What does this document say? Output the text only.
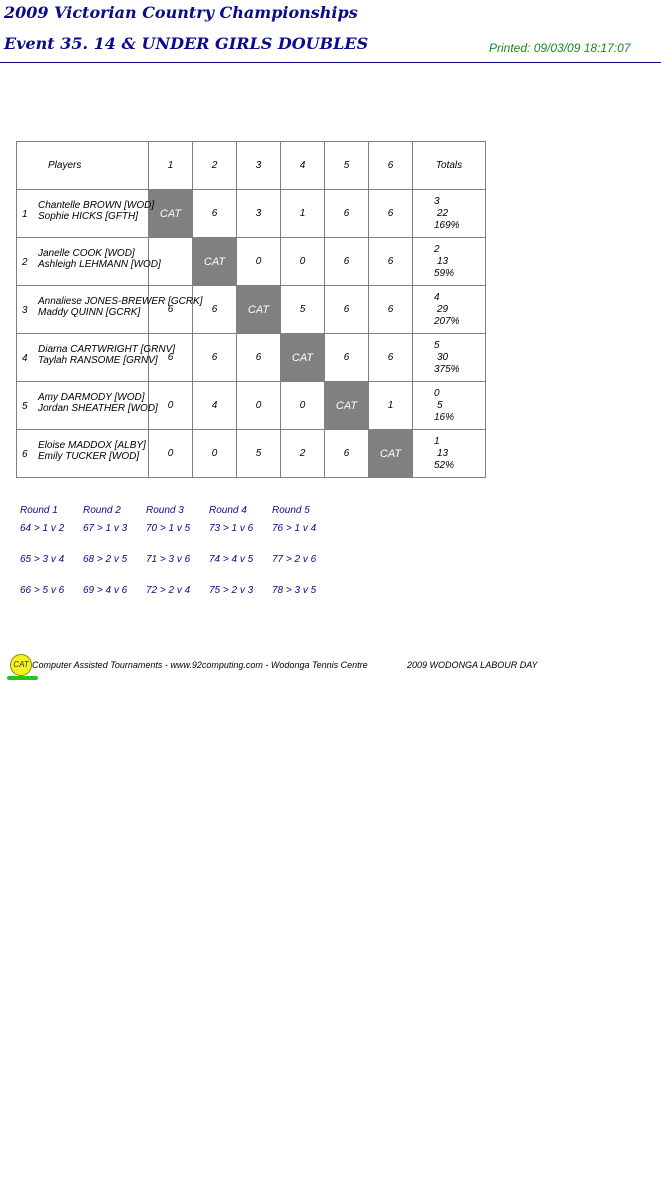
2009 Victorian Country Championships
Event 35. 14 & UNDER GIRLS DOUBLES	Printed: 09/03/09 18:17:07
Players	1	2	3	4	5	6	Totals

1
Chantelle BROWN [WOD]
Sophie HICKS [GFTH]	CAT	6	3	1	6	6	3
22
169%

2
Janelle COOK [WOD]
Ashleigh LEHMANN [WOD]		CAT	0	0	6	6	2
13
59%

3
Annaliese JONES-BREWER [GCRK]
Maddy QUINN [GCRK]	6	6	CAT	5	6	6	4
29
207%

4
Diarna CARTWRIGHT [GRNV]
Taylah RANSOME [GRNV]	6	6	6	CAT	6	6	5
30
375%

5
Amy DARMODY [WOD]
Jordan SHEATHER [WOD]	0	4	0	0	CAT	1	0
5
16%

6
Eloise MADDOX [ALBY]
Emily TUCKER [WOD]	0	0	5	2	6	CAT	1
13
52%
Round 1
64 > 1 v 2
65 > 3 v 4
66 > 5 v 6
Round 2
67 > 1 v 3
68 > 2 v 5
69 > 4 v 6
Round 3
70 > 1 v 5
71 > 3 v 6
72 > 2 v 4
Round 4
73 > 1 v 6
74 > 4 v 5
75 > 2 v 3
Round 5
76 > 1 v 4
77 > 2 v 6
78 > 3 v 5
CAT Computer Assisted Tournaments - www.92computing.com - Wodonga Tennis Centre	2009 WODONGA LABOUR DAY
